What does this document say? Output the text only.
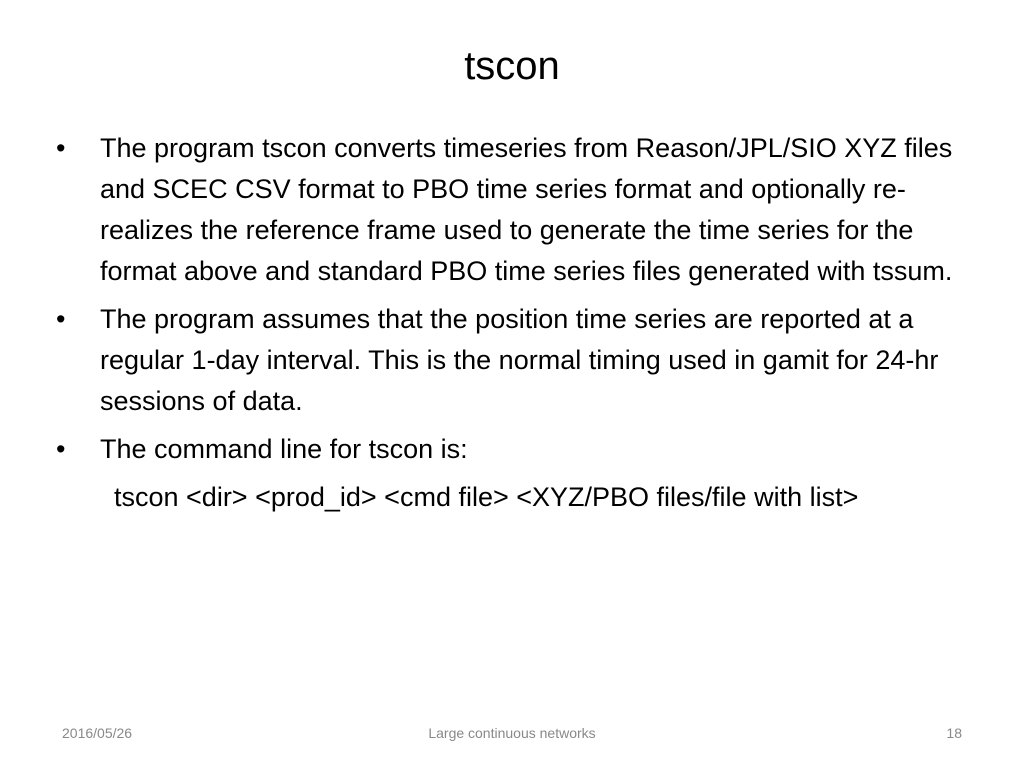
tscon
•	The program tscon converts timeseries from Reason/JPL/SIO XYZ files and SCEC CSV format to PBO time series format and optionally re-realizes the reference frame used to generate the time series for the format above and standard PBO time series files generated with tssum.
•	The program assumes that the position time series are reported at a regular 1-day interval. This is the normal timing used in gamit for 24-hr sessions of data.
•	The command line for tscon is:
tscon <dir> <prod_id> <cmd file> <XYZ/PBO files/file with list>
2016/05/26	Large continuous networks	18
